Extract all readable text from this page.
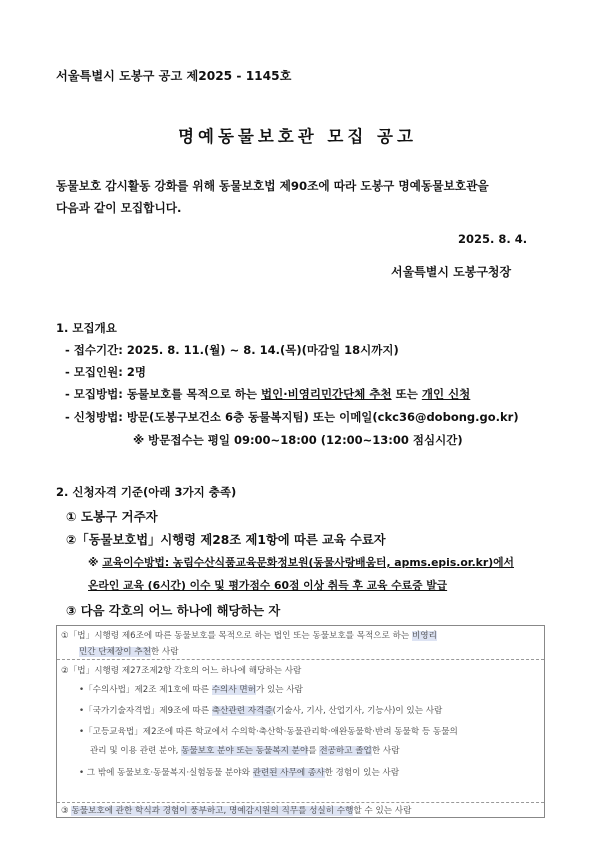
서울특별시 도봉구 공고 제2025 - 1145호
명예동물보호관 모집 공고
동물보호 감시활동 강화를 위해 동물보호법 제90조에 따라 도봉구 명예동물보호관을
다음과 같이 모집합니다.
2025. 8. 4.
서울특별시 도봉구청장
1. 모집개요
- 접수기간: 2025. 8. 11.(월) ~ 8. 14.(목)(마감일 18시까지)
- 모집인원: 2명
- 모집방법: 동물보호를 목적으로 하는 법인·비영리민간단체 추천 또는 개인 신청
- 신청방법: 방문(도봉구보건소 6층 동물복지팀) 또는 이메일(ckc36@dobong.go.kr)
※ 방문접수는 평일 09:00~18:00 (12:00~13:00 점심시간)
2. 신청자격 기준(아래 3가지 충족)
① 도봉구 거주자
②「동물보호법」시행령 제28조 제1항에 따른 교육 수료자
※ 교육이수방법: 농림수산식품교육문화정보원(동물사랑배움터, apms.epis.or.kr)에서
온라인 교육 (6시간) 이수 및 평가점수 60점 이상 취득 후 교육 수료증 발급
③ 다음 각호의 어느 하나에 해당하는 자
①「법」시행령 제6조에 따른 동물보호를 목적으로 하는 법인 또는 동물보호를 목적으로 하는 비영리
민간 단체장이 추천한 사람
②「법」시행령 제27조제2항 각호의 어느 하나에 해당하는 사람
•「수의사법」제2조 제1호에 따른 수의사 면허가 있는 사람
•「국가기술자격법」제9조에 따른 축산관련 자격증(기술사, 기사, 산업기사, 기능사)이 있는 사람
•「고등교육법」제2조에 따른 학교에서 수의학·축산학·동물관리학·애완동물학·반려 동물학 등 동물의
관리 및 이용 관련 분야, 동물보호 분야 또는 동물복지 분야를 전공하고 졸업한 사람
• 그 밖에 동물보호·동물복지·실험동물 분야와 관련된 사무에 종사한 경험이 있는 사람
③ 동물보호에 관한 학식과 경험이 풍부하고, 명예감시원의 직무를 성실히 수행할 수 있는 사람
